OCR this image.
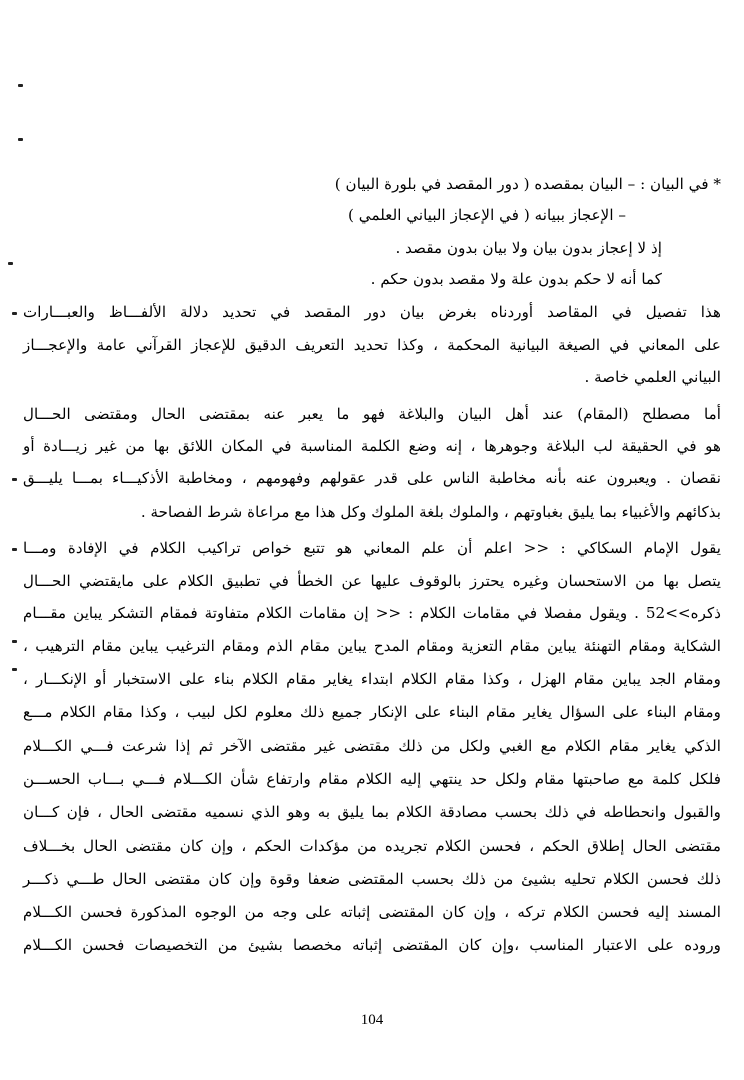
* في البيان : – البيان بمقصده ( دور المقصد في بلورة البيان )
– الإعجاز ببيانه ( في الإعجاز البياني العلمي )
إذ لا إعجاز بدون بيان ولا بيان بدون مقصد .
كما أنه لا حكم بدون علة ولا مقصد بدون حكم .
هذا تفصيل في المقاصد أوردناه بغرض بيان دور المقصد في تحديد دلالة الألفـــاظ والعبـــارات
على المعاني في الصيغة البيانية المحكمة ، وكذا تحديد التعريف الدقيق للإعجاز القرآني عامة والإعجـــاز
البياني العلمي خاصة .
أما مصطلح (المقام) عند أهل البيان والبلاغة فهو ما يعبر عنه بمقتضى الحال ومقتضى الحـــال
هو في الحقيقة لب البلاغة وجوهرها ، إنه وضع الكلمة المناسبة في المكان اللائق بها من غير زيـــادة أو
نقصان . ويعبرون عنه بأنه مخاطبة الناس على قدر عقولهم وفهومهم ، ومخاطبة الأذكيـــاء بمـــا يليـــق
بذكائهم والأغبياء بما يليق بغباوتهم ، والملوك بلغة الملوك وكل هذا مع مراعاة شرط الفصاحة .
يقول الإمام السكاكي : << اعلم أن علم المعاني هو تتبع خواص تراكيب الكلام في الإفادة ومـــا
يتصل بها من الاستحسان وغيره يحترز بالوقوف عليها عن الخطأ في تطبيق الكلام على مايقتضي الحـــال
ذكره>>52 . ويقول مفصلا في مقامات الكلام : << إن مقامات الكلام متفاوتة فمقام التشكر يباين مقـــام
الشكاية ومقام التهنئة يباين مقام التعزية ومقام المدح يباين مقام الذم ومقام الترغيب يباين مقام الترهيب ،
ومقام الجد يباين مقام الهزل ، وكذا مقام الكلام ابتداء يغاير مقام الكلام بناء على الاستخبار أو الإنكـــار ،
ومقام البناء على السؤال يغاير مقام البناء على الإنكار جميع ذلك معلوم لكل لبيب ، وكذا مقام الكلام مـــع
الذكي يغاير مقام الكلام مع الغبي ولكل من ذلك مقتضى غير مقتضى الآخر ثم إذا شرعت فـــي الكـــلام
فلكل كلمة مع صاحبتها مقام ولكل حد ينتهي إليه الكلام مقام وارتفاع شأن الكـــلام فـــي بـــاب الحســـن
والقبول وانحطاطه في ذلك بحسب مصادقة الكلام بما يليق به وهو الذي نسميه مقتضى الحال ، فإن كـــان
مقتضى الحال إطلاق الحكم ، فحسن الكلام تجريده من مؤكدات الحكم ، وإن كان مقتضى الحال بخـــلاف
ذلك فحسن الكلام تحليه بشيئ من ذلك بحسب المقتضى ضعفا وقوة وإن كان مقتضى الحال طـــي ذكـــر
المسند إليه فحسن الكلام تركه ، وإن كان المقتضى إثباته على وجه من الوجوه المذكورة فحسن الكـــلام
وروده على الاعتبار المناسب ،وإن كان المقتضى إثباته مخصصا بشيئ من التخصيصات فحسن الكـــلام
104
